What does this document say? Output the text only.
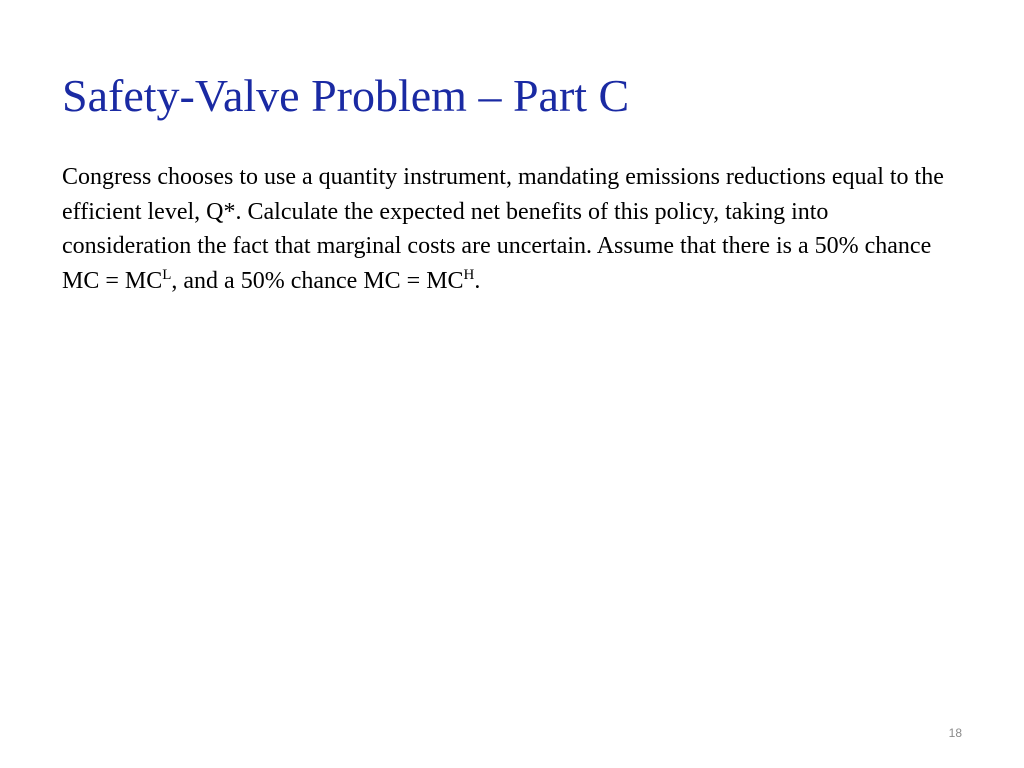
Safety-Valve Problem – Part C

Congress chooses to use a quantity instrument, mandating emissions reductions equal to the efficient level, Q*. Calculate the expected net benefits of this policy, taking into consideration the fact that marginal costs are uncertain. Assume that there is a 50% chance MC = $MC^L$, and a 50% chance MC = $MC^H$.

18
